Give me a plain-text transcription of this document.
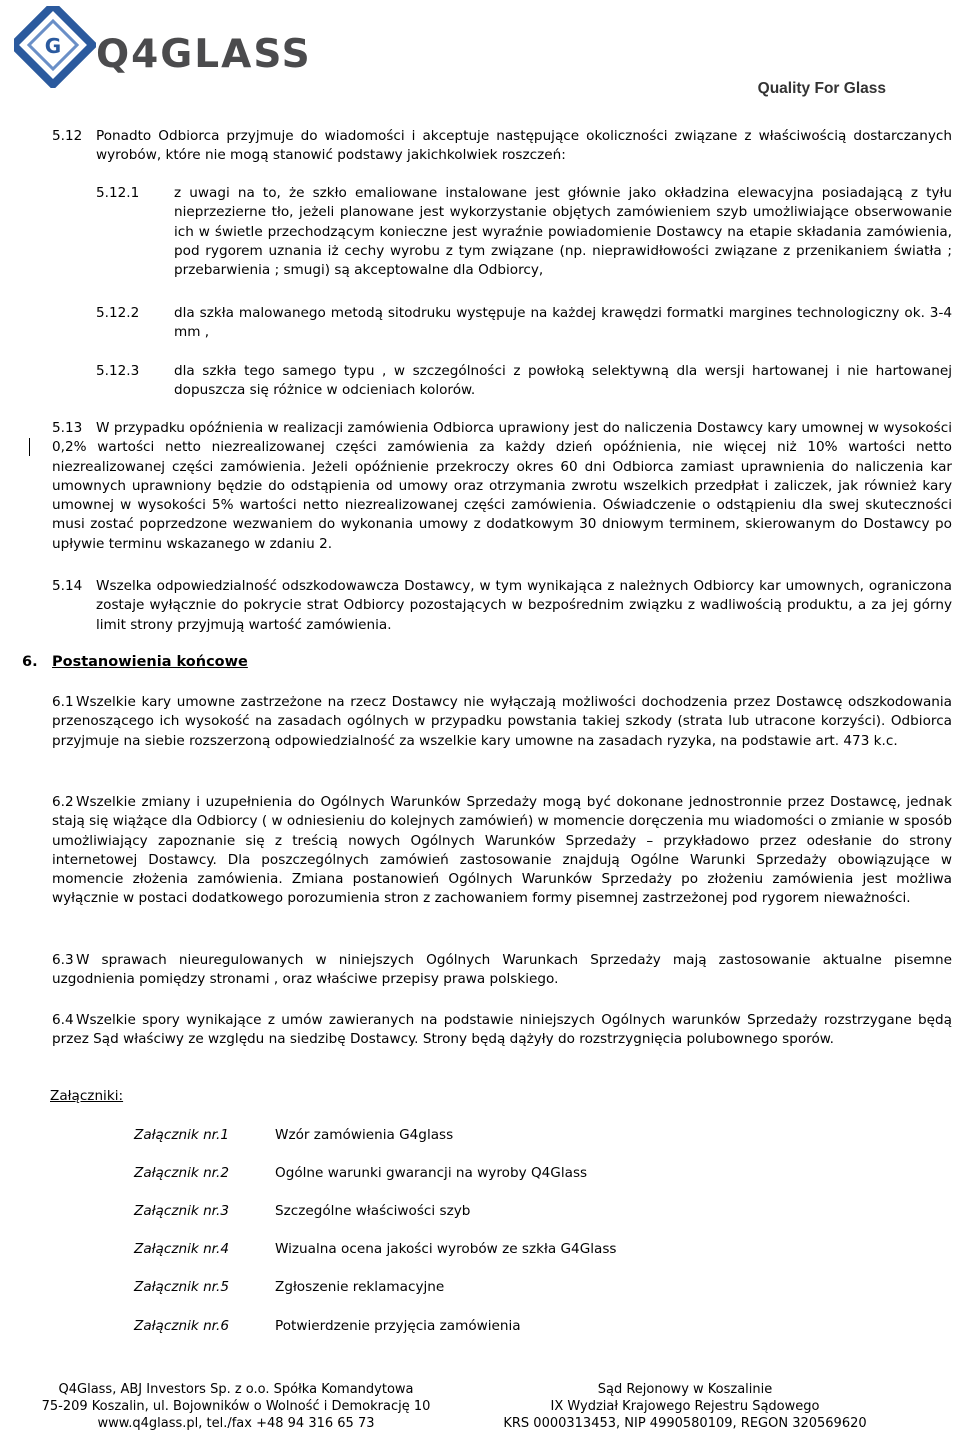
G Q4GLASS
Quality For Glass
5.12 Ponadto Odbiorca przyjmuje do wiadomości i akceptuje następujące okoliczności związane z właściwością dostarczanych wyrobów, które nie mogą stanowić podstawy jakichkolwiek roszczeń:
5.12.1	z uwagi na to, że szkło emaliowane instalowane jest głównie jako okładzina elewacyjna posiadającą z tyłu nieprzezierne tło, jeżeli planowane jest wykorzystanie objętych zamówieniem szyb umożliwiające obserwowanie ich w świetle przechodzącym konieczne jest wyraźnie powiadomienie Dostawcy na etapie składania zamówienia, pod rygorem uznania iż cechy wyrobu z tym związane (np. nieprawidłowości związane z przenikaniem światła ; przebarwienia ; smugi) są akceptowalne dla Odbiorcy,
5.12.2	dla szkła malowanego metodą sitodruku występuje na każdej krawędzi formatki margines technologiczny ok. 3-4 mm ,
5.12.3	dla szkła tego samego typu , w szczególności z powłoką selektywną dla wersji hartowanej i nie hartowanej dopuszcza się różnice w odcieniach kolorów.
5.13 W przypadku opóźnienia w realizacji zamówienia Odbiorca uprawiony jest do naliczenia Dostawcy kary umownej w wysokości 0,2% wartości netto niezrealizowanej części zamówienia za każdy dzień opóźnienia, nie więcej niż 10% wartości netto niezrealizowanej części zamówienia. Jeżeli opóźnienie przekroczy okres 60 dni Odbiorca zamiast uprawnienia do naliczenia kar umownych uprawniony będzie do odstąpienia od umowy oraz otrzymania zwrotu wszelkich przedpłat i zaliczek, jak również kary umownej w wysokości 5% wartości netto niezrealizowanej części zamówienia. Oświadczenie o odstąpieniu dla swej skuteczności musi zostać poprzedzone wezwaniem do wykonania umowy z dodatkowym 30 dniowym terminem, skierowanym do Dostawcy po upływie terminu wskazanego w zdaniu 2.
5.14 Wszelka odpowiedzialność odszkodowawcza Dostawcy, w tym wynikająca z należnych Odbiorcy kar umownych, ograniczona zostaje wyłącznie do pokrycie strat Odbiorcy pozostających w bezpośrednim związku z wadliwością produktu, a za jej górny limit strony przyjmują wartość zamówienia.
6. Postanowienia końcowe
6.1 Wszelkie kary umowne zastrzeżone na rzecz Dostawcy nie wyłączają możliwości dochodzenia przez Dostawcę odszkodowania przenoszącego ich wysokość na zasadach ogólnych w przypadku powstania takiej szkody (strata lub utracone korzyści). Odbiorca przyjmuje na siebie rozszerzoną odpowiedzialność za wszelkie kary umowne na zasadach ryzyka, na podstawie art. 473 k.c.
6.2 Wszelkie zmiany i uzupełnienia do Ogólnych Warunków Sprzedaży mogą być dokonane jednostronnie przez Dostawcę, jednak stają się wiążące dla Odbiorcy ( w odniesieniu do kolejnych zamówień) w momencie doręczenia mu wiadomości o zmianie w sposób umożliwiający zapoznanie się z treścią nowych Ogólnych Warunków Sprzedaży – przykładowo przez odesłanie do strony internetowej Dostawcy. Dla poszczególnych zamówień zastosowanie znajdują Ogólne Warunki Sprzedaży obowiązujące w momencie złożenia zamówienia. Zmiana postanowień Ogólnych Warunków Sprzedaży po złożeniu zamówienia jest możliwa wyłącznie w postaci dodatkowego porozumienia stron z zachowaniem formy pisemnej zastrzeżonej pod rygorem nieważności.
6.3 W sprawach nieuregulowanych w niniejszych Ogólnych Warunkach Sprzedaży mają zastosowanie aktualne pisemne uzgodnienia pomiędzy stronami , oraz właściwe przepisy prawa polskiego.
6.4 Wszelkie spory wynikające z umów zawieranych na podstawie niniejszych Ogólnych warunków Sprzedaży rozstrzygane będą przez Sąd właściwy ze względu na siedzibę Dostawcy. Strony będą dążyły do rozstrzygnięcia polubownego sporów.
Załączniki:
Załącznik nr.1	Wzór zamówienia G4glass
Załącznik nr.2	Ogólne warunki gwarancji na wyroby Q4Glass
Załącznik nr.3	Szczególne właściwości szyb
Załącznik nr.4	Wizualna ocena jakości wyrobów ze szkła G4Glass
Załącznik nr.5	Zgłoszenie reklamacyjne
Załącznik nr.6	Potwierdzenie przyjęcia zamówienia
Q4Glass, ABJ Investors Sp. z o.o. Spółka Komandytowa
75-209 Koszalin, ul. Bojowników o Wolność i Demokrację 10
www.q4glass.pl, tel./fax +48 94 316 65 73
Sąd Rejonowy w Koszalinie
IX Wydział Krajowego Rejestru Sądowego
KRS 0000313453, NIP 4990580109, REGON 320569620
